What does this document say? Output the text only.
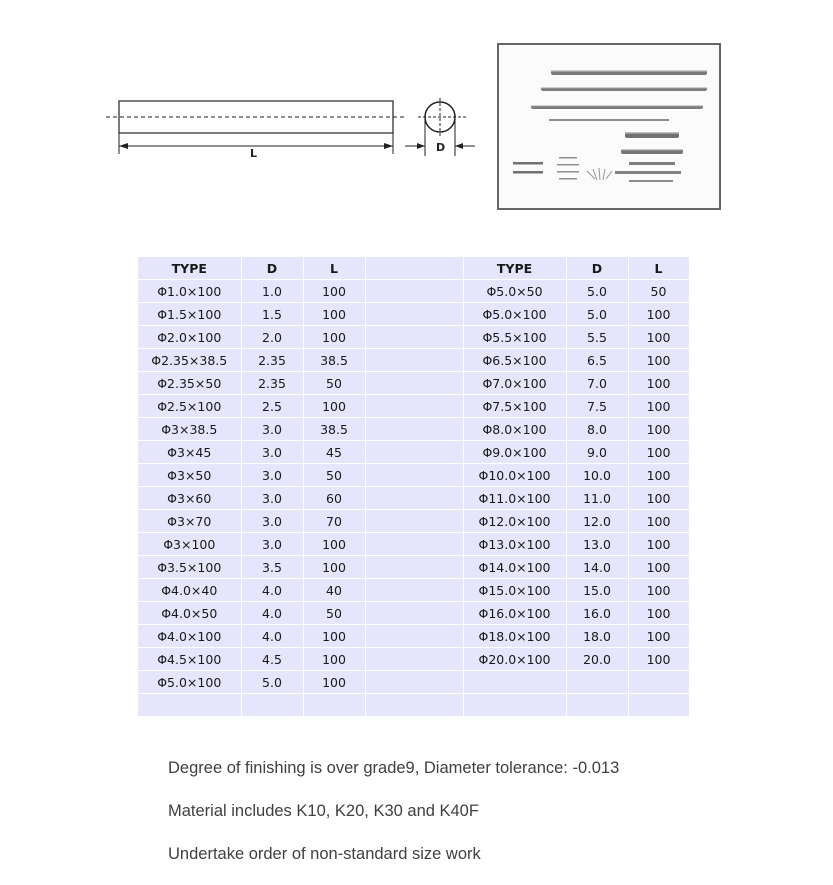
L	D
TYPE	D	L		TYPE	D	L
Φ1.0×100	1.0	100		Φ5.0×50	5.0	50
Φ1.5×100	1.5	100		Φ5.0×100	5.0	100
Φ2.0×100	2.0	100		Φ5.5×100	5.5	100
Φ2.35×38.5	2.35	38.5		Φ6.5×100	6.5	100
Φ2.35×50	2.35	50		Φ7.0×100	7.0	100
Φ2.5×100	2.5	100		Φ7.5×100	7.5	100
Φ3×38.5	3.0	38.5		Φ8.0×100	8.0	100
Φ3×45	3.0	45		Φ9.0×100	9.0	100
Φ3×50	3.0	50		Φ10.0×100	10.0	100
Φ3×60	3.0	60		Φ11.0×100	11.0	100
Φ3×70	3.0	70		Φ12.0×100	12.0	100
Φ3×100	3.0	100		Φ13.0×100	13.0	100
Φ3.5×100	3.5	100		Φ14.0×100	14.0	100
Φ4.0×40	4.0	40		Φ15.0×100	15.0	100
Φ4.0×50	4.0	50		Φ16.0×100	16.0	100
Φ4.0×100	4.0	100		Φ18.0×100	18.0	100
Φ4.5×100	4.5	100		Φ20.0×100	20.0	100
Φ5.0×100	5.0	100				

Degree of finishing is over grade9, Diameter tolerance: -0.013

Material includes K10, K20, K30 and K40F

Undertake order of non-standard size work
